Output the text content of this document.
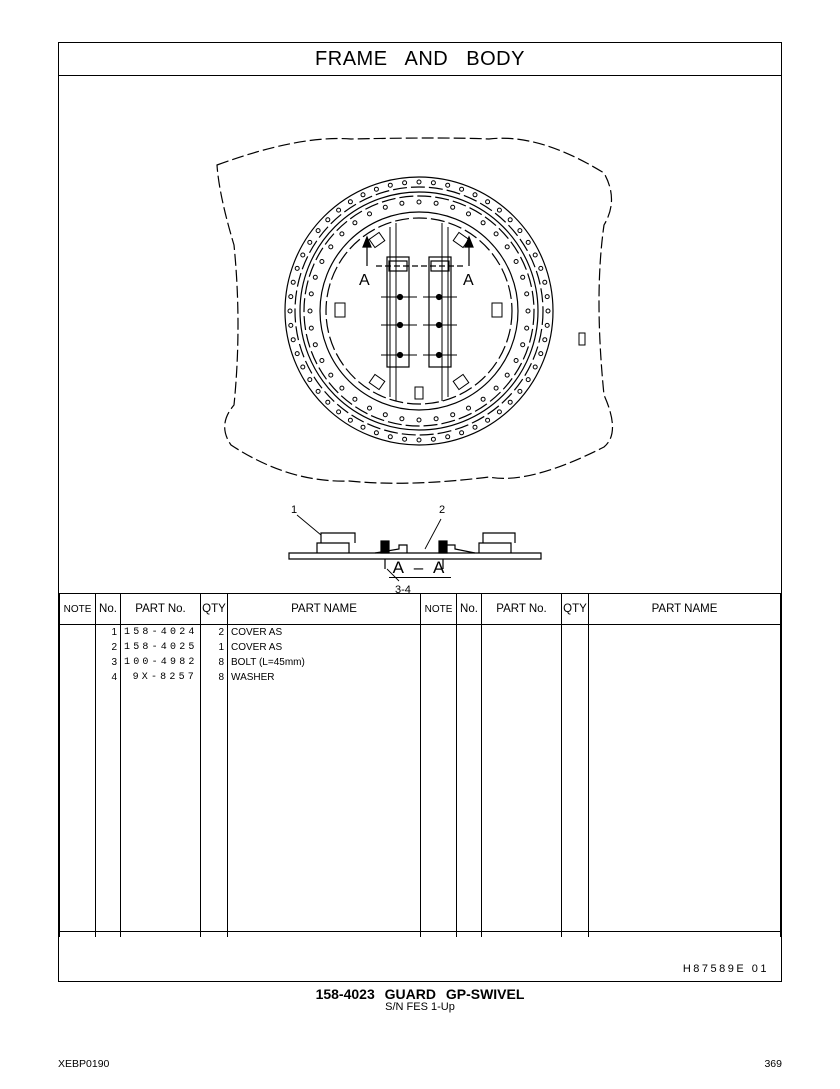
FRAME AND BODY
A	A
1	2
3-4
A – A
NOTE	No.	PART No.	QTY	PART NAME	NOTE	No.	PART No.	QTY	PART NAME
	1	158-4024	2	COVER AS					
	2	158-4025	1	COVER AS					
	3	100-4982	8	BOLT (L=45mm)					
	4	9X-8257	8	WASHER					

H87589E 01
158-4023 GUARD GP-SWIVEL
S/N FES 1-Up
XEBP0190	369
